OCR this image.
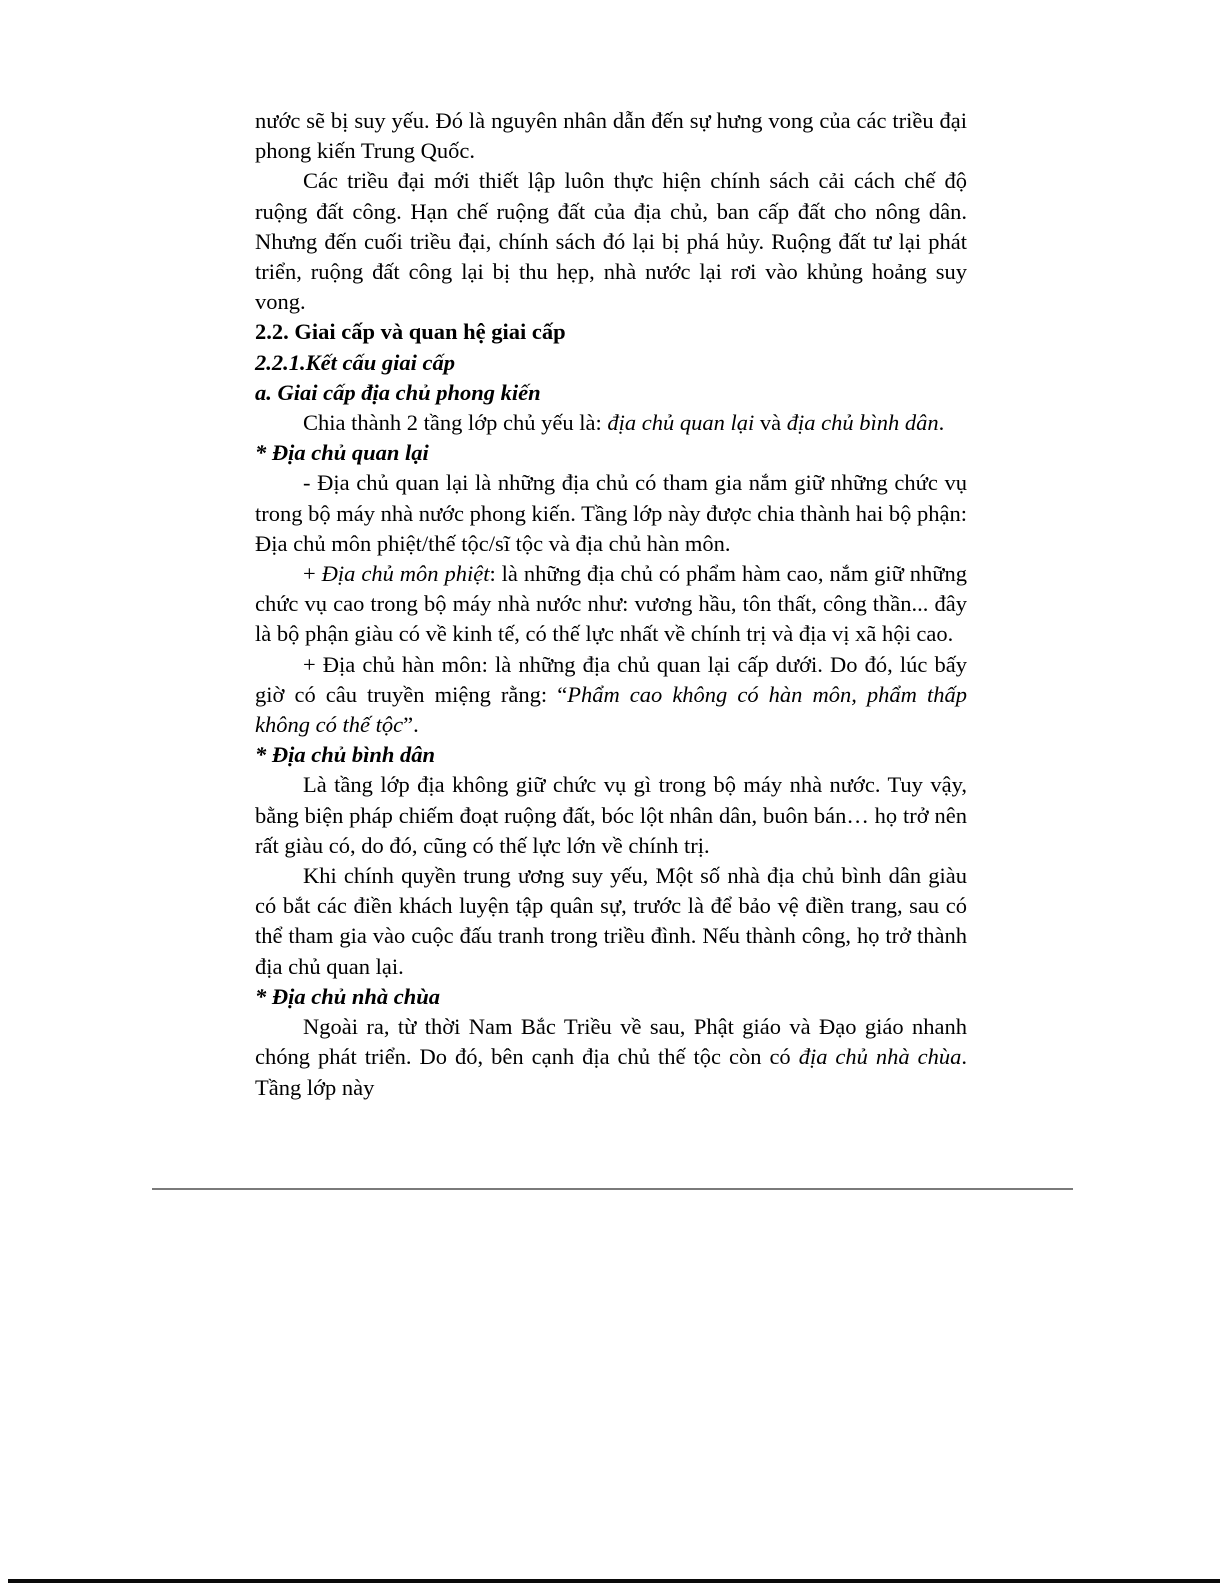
nước sẽ bị suy yếu. Đó là nguyên nhân dẫn đến sự hưng vong của các triều đại phong kiến Trung Quốc.

Các triều đại mới thiết lập luôn thực hiện chính sách cải cách chế độ ruộng đất công. Hạn chế ruộng đất của địa chủ, ban cấp đất cho nông dân. Nhưng đến cuối triều đại, chính sách đó lại bị phá hủy. Ruộng đất tư lại phát triển, ruộng đất công lại bị thu hẹp, nhà nước lại rơi vào khủng hoảng suy vong.

2.2. Giai cấp và quan hệ giai cấp

2.2.1.Kết cấu giai cấp

a. Giai cấp địa chủ phong kiến

Chia thành 2 tầng lớp chủ yếu là: địa chủ quan lại và địa chủ bình dân.

* Địa chủ quan lại

- Địa chủ quan lại là những địa chủ có tham gia nắm giữ những chức vụ trong bộ máy nhà nước phong kiến. Tầng lớp này được chia thành hai bộ phận: Địa chủ môn phiệt/thế tộc/sĩ tộc và địa chủ hàn môn.

+ Địa chủ môn phiệt: là những địa chủ có phẩm hàm cao, nắm giữ những chức vụ cao trong bộ máy nhà nước như: vương hầu, tôn thất, công thần... đây là bộ phận giàu có về kinh tế, có thế lực nhất về chính trị và địa vị xã hội cao.

+ Địa chủ hàn môn: là những địa chủ quan lại cấp dưới. Do đó, lúc bấy giờ có câu truyền miệng rằng: “Phẩm cao không có hàn môn, phẩm thấp không có thế tộc”.

* Địa chủ bình dân

Là tầng lớp địa không giữ chức vụ gì trong bộ máy nhà nước. Tuy vậy, bằng biện pháp chiếm đoạt ruộng đất, bóc lột nhân dân, buôn bán… họ trở nên rất giàu có, do đó, cũng có thế lực lớn về chính trị.

Khi chính quyền trung ương suy yếu, Một số nhà địa chủ bình dân giàu có bắt các điền khách luyện tập quân sự, trước là để bảo vệ điền trang, sau có thể tham gia vào cuộc đấu tranh trong triều đình. Nếu thành công, họ trở thành địa chủ quan lại.

* Địa chủ nhà chùa

Ngoài ra, từ thời Nam Bắc Triều về sau, Phật giáo và Đạo giáo nhanh chóng phát triển. Do đó, bên cạnh địa chủ thế tộc còn có địa chủ nhà chùa. Tầng lớp này
